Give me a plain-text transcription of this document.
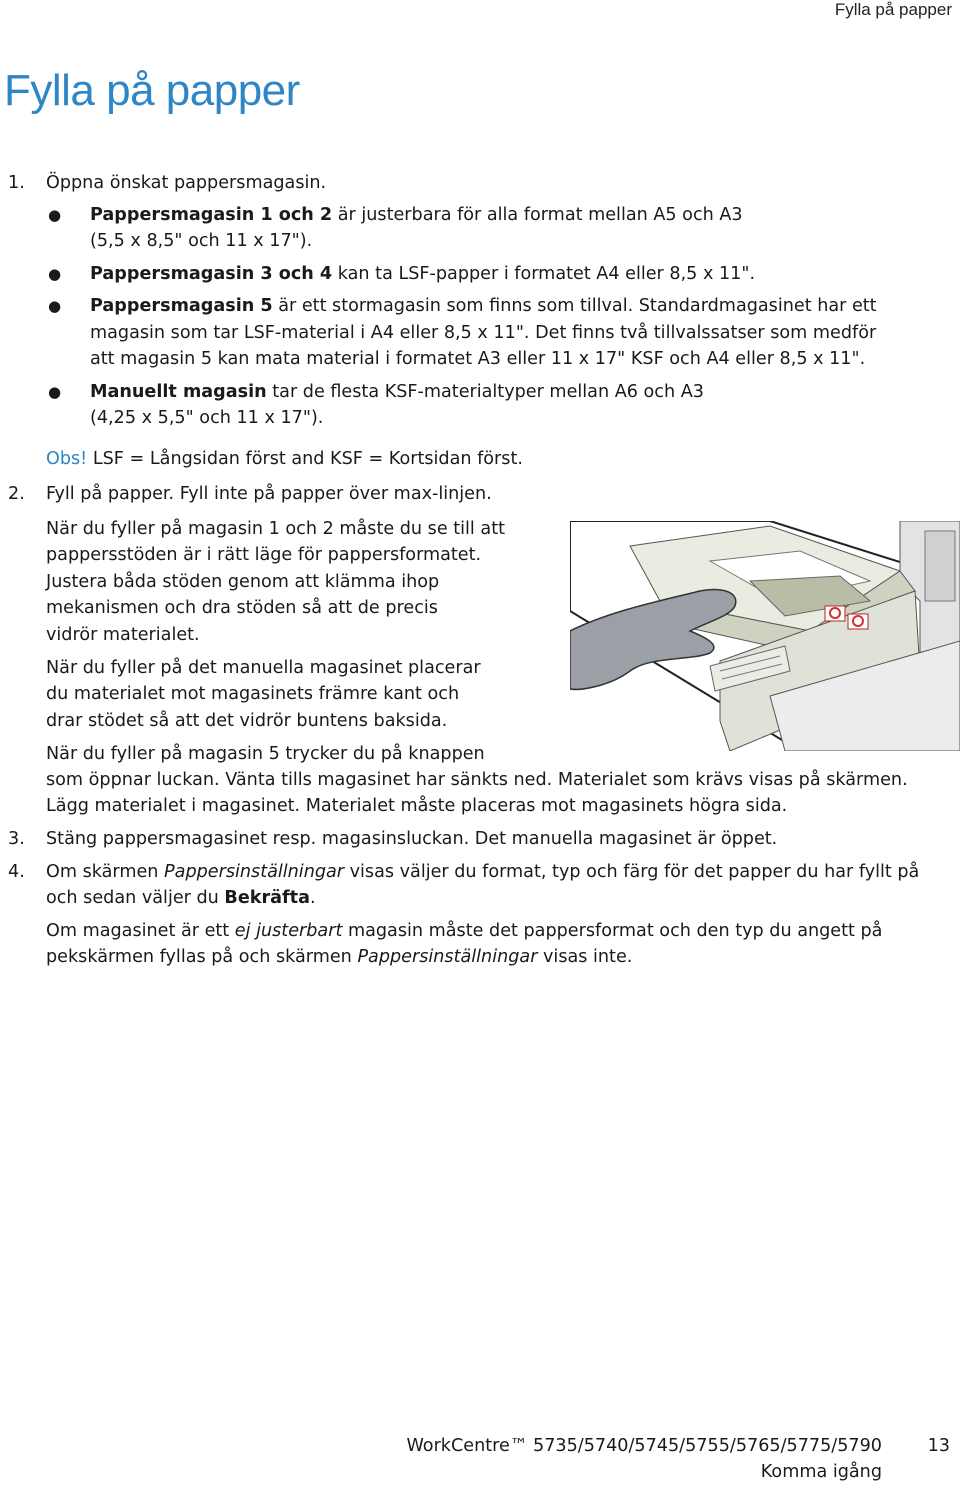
Fylla på papper
Fylla på papper
1. Öppna önskat pappersmagasin.
● Pappersmagasin 1 och 2 är justerbara för alla format mellan A5 och A3
(5,5 x 8,5" och 11 x 17").
● Pappersmagasin 3 och 4 kan ta LSF-papper i formatet A4 eller 8,5 x 11".
● Pappersmagasin 5 är ett stormagasin som finns som tillval. Standardmagasinet har ett
magasin som tar LSF-material i A4 eller 8,5 x 11". Det finns två tillvalssatser som medför
att magasin 5 kan mata material i formatet A3 eller 11 x 17" KSF och A4 eller 8,5 x 11".
● Manuellt magasin tar de flesta KSF-materialtyper mellan A6 och A3
(4,25 x 5,5" och 11 x 17").
Obs! LSF = Långsidan först and KSF = Kortsidan först.
2. Fyll på papper. Fyll inte på papper över max-linjen.
När du fyller på magasin 1 och 2 måste du se till att
pappersstöden är i rätt läge för pappersformatet.
Justera båda stöden genom att klämma ihop
mekanismen och dra stöden så att de precis
vidrör materialet.
När du fyller på det manuella magasinet placerar
du materialet mot magasinets främre kant och
drar stödet så att det vidrör buntens baksida.
När du fyller på magasin 5 trycker du på knappen
som öppnar luckan. Vänta tills magasinet har sänkts ned. Materialet som krävs visas på skärmen.
Lägg materialet i magasinet. Materialet måste placeras mot magasinets högra sida.
3. Stäng pappersmagasinet resp. magasinsluckan. Det manuella magasinet är öppet.
4. Om skärmen Pappersinställningar visas väljer du format, typ och färg för det papper du har fyllt på
och sedan väljer du Bekräfta.
Om magasinet är ett ej justerbart magasin måste det pappersformat och den typ du angett på
pekskärmen fyllas på och skärmen Pappersinställningar visas inte.
WorkCentre™ 5735/5740/5745/5755/5765/5775/5790	13
Komma igång
